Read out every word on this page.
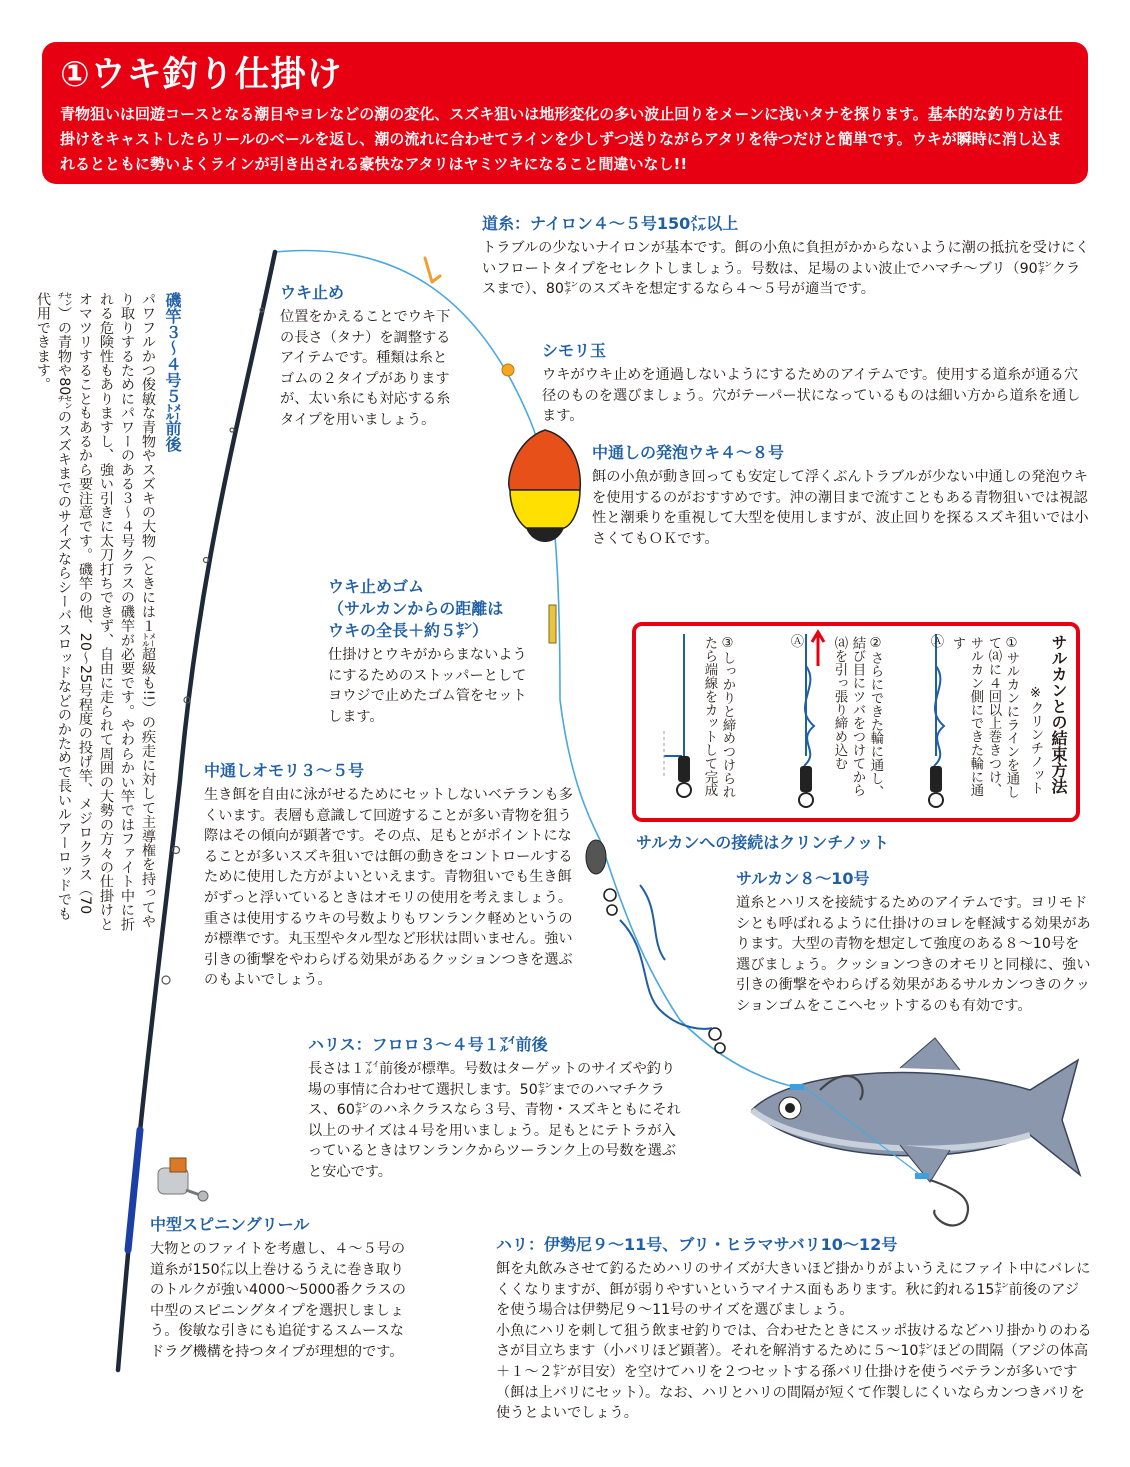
①ウキ釣り仕掛け

青物狙いは回遊コースとなる潮目やヨレなどの潮の変化、スズキ狙いは地形変化の多い波止回りをメーンに浅いタナを探ります。基本的な釣り方は仕掛けをキャストしたらリールのベールを返し、潮の流れに合わせてラインを少しずつ送りながらアタリを待つだけと簡単です。ウキが瞬時に消し込まれるとともに勢いよくラインが引き出される豪快なアタリはヤミツキになること間違いなし!!

磯竿３～４号５㍍前後

パワフルかつ俊敏な青物やスズキの大物（ときには１㍍超級も!!）の疾走に対して主導権を持ってやり取りするためにパワーのある３～４号クラスの磯竿が必要です。やわらかい竿ではファイト中に折れる危険性もありますし、強い引きに太刀打ちできず、自由に走られて周囲の大勢の方々の仕掛けとオマツリすることもあるから要注意です。磯竿の他、20～25号程度の投げ竿、メジロクラス（70㌢）の青物や80㌢のスズキまでのサイズならシーバスロッドなどのかためで長いルアーロッドでも代用できます。

道糸：ナイロン４～５号150㍍以上

トラブルの少ないナイロンが基本です。餌の小魚に負担がかからないように潮の抵抗を受けにくいフロートタイプをセレクトしましょう。号数は、足場のよい波止でハマチ～ブリ（90㌢クラスまで）、80㌢のスズキを想定するなら４～５号が適当です。

ウキ止め

位置をかえることでウキ下の長さ（タナ）を調整するアイテムです。種類は糸とゴムの２タイプがありますが、太い糸にも対応する糸タイプを用いましょう。

シモリ玉

ウキがウキ止めを通過しないようにするためのアイテムです。使用する道糸が通る穴径のものを選びましょう。穴がテーパー状になっているものは細い方から道糸を通します。

中通しの発泡ウキ４～８号

餌の小魚が動き回っても安定して浮くぶんトラブルが少ない中通しの発泡ウキを使用するのがおすすめです。沖の潮目まで流すこともある青物狙いでは視認性と潮乗りを重視して大型を使用しますが、波止回りを探るスズキ狙いでは小さくてもＯＫです。

ウキ止めゴム
（サルカンからの距離は
ウキの全長＋約５㌢）

仕掛けとウキがからまないようにするためのストッパーとしてヨウジで止めたゴム管をセットします。	サルカンとの結束方法
※クリンチノット
①サルカンにラインを通して⒜に４回以上巻きつけ、サルカン側にできた輪に通す
Ⓐ
②さらにできた輪に通し、結び目にツバをつけてから⒜を引っ張り締め込む
Ⓐ
③しっかりと締めつけられたら端線をカットして完成
サルカンへの接続はクリンチノット
中通しオモリ３～５号

生き餌を自由に泳がせるためにセットしないベテランも多くいます。表層も意識して回遊することが多い青物を狙う際はその傾向が顕著です。その点、足もとがポイントになることが多いスズキ狙いでは餌の動きをコントロールするために使用した方がよいといえます。青物狙いでも生き餌がずっと浮いているときはオモリの使用を考えましょう。重さは使用するウキの号数よりもワンランク軽めというのが標準です。丸玉型やタル型など形状は問いません。強い引きの衝撃をやわらげる効果があるクッションつきを選ぶのもよいでしょう。

サルカン８～10号

道糸とハリスを接続するためのアイテムです。ヨリモドシとも呼ばれるように仕掛けのヨレを軽減する効果があります。大型の青物を想定して強度のある８～10号を選びましょう。クッションつきのオモリと同様に、強い引きの衝撃をやわらげる効果があるサルカンつきのクッションゴムをここへセットするのも有効です。

ハリス：フロロ３～４号１㍄前後

長さは１㍄前後が標準。号数はターゲットのサイズや釣り場の事情に合わせて選択します。50㌢までのハマチクラス、60㌢のハネクラスなら３号、青物・スズキともにそれ以上のサイズは４号を用いましょう。足もとにテトラが入っているときはワンランクからツーランク上の号数を選ぶと安心です。

中型スピニングリール

大物とのファイトを考慮し、４～５号の道糸が150㍍以上巻けるうえに巻き取りのトルクが強い4000～5000番クラスの中型のスピニングタイプを選択しましょう。俊敏な引きにも追従するスムースなドラグ機構を持つタイプが理想的です。

ハリ：伊勢尼９～11号、ブリ・ヒラマサバリ10～12号

餌を丸飲みさせて釣るためハリのサイズが大きいほど掛かりがよいうえにファイト中にバレにくくなりますが、餌が弱りやすいというマイナス面もあります。秋に釣れる15㌢前後のアジを使う場合は伊勢尼９～11号のサイズを選びましょう。

小魚にハリを刺して狙う飲ませ釣りでは、合わせたときにスッポ抜けるなどハリ掛かりのわるさが目立ちます（小バリほど顕著）。それを解消するために５～10㌢ほどの間隔（アジの体高＋１～２㌢が目安）を空けてハリを２つセットする孫バリ仕掛けを使うベテランが多いです（餌は上バリにセット）。なお、ハリとハリの間隔が短くて作製しにくいならカンつきバリを使うとよいでしょう。
